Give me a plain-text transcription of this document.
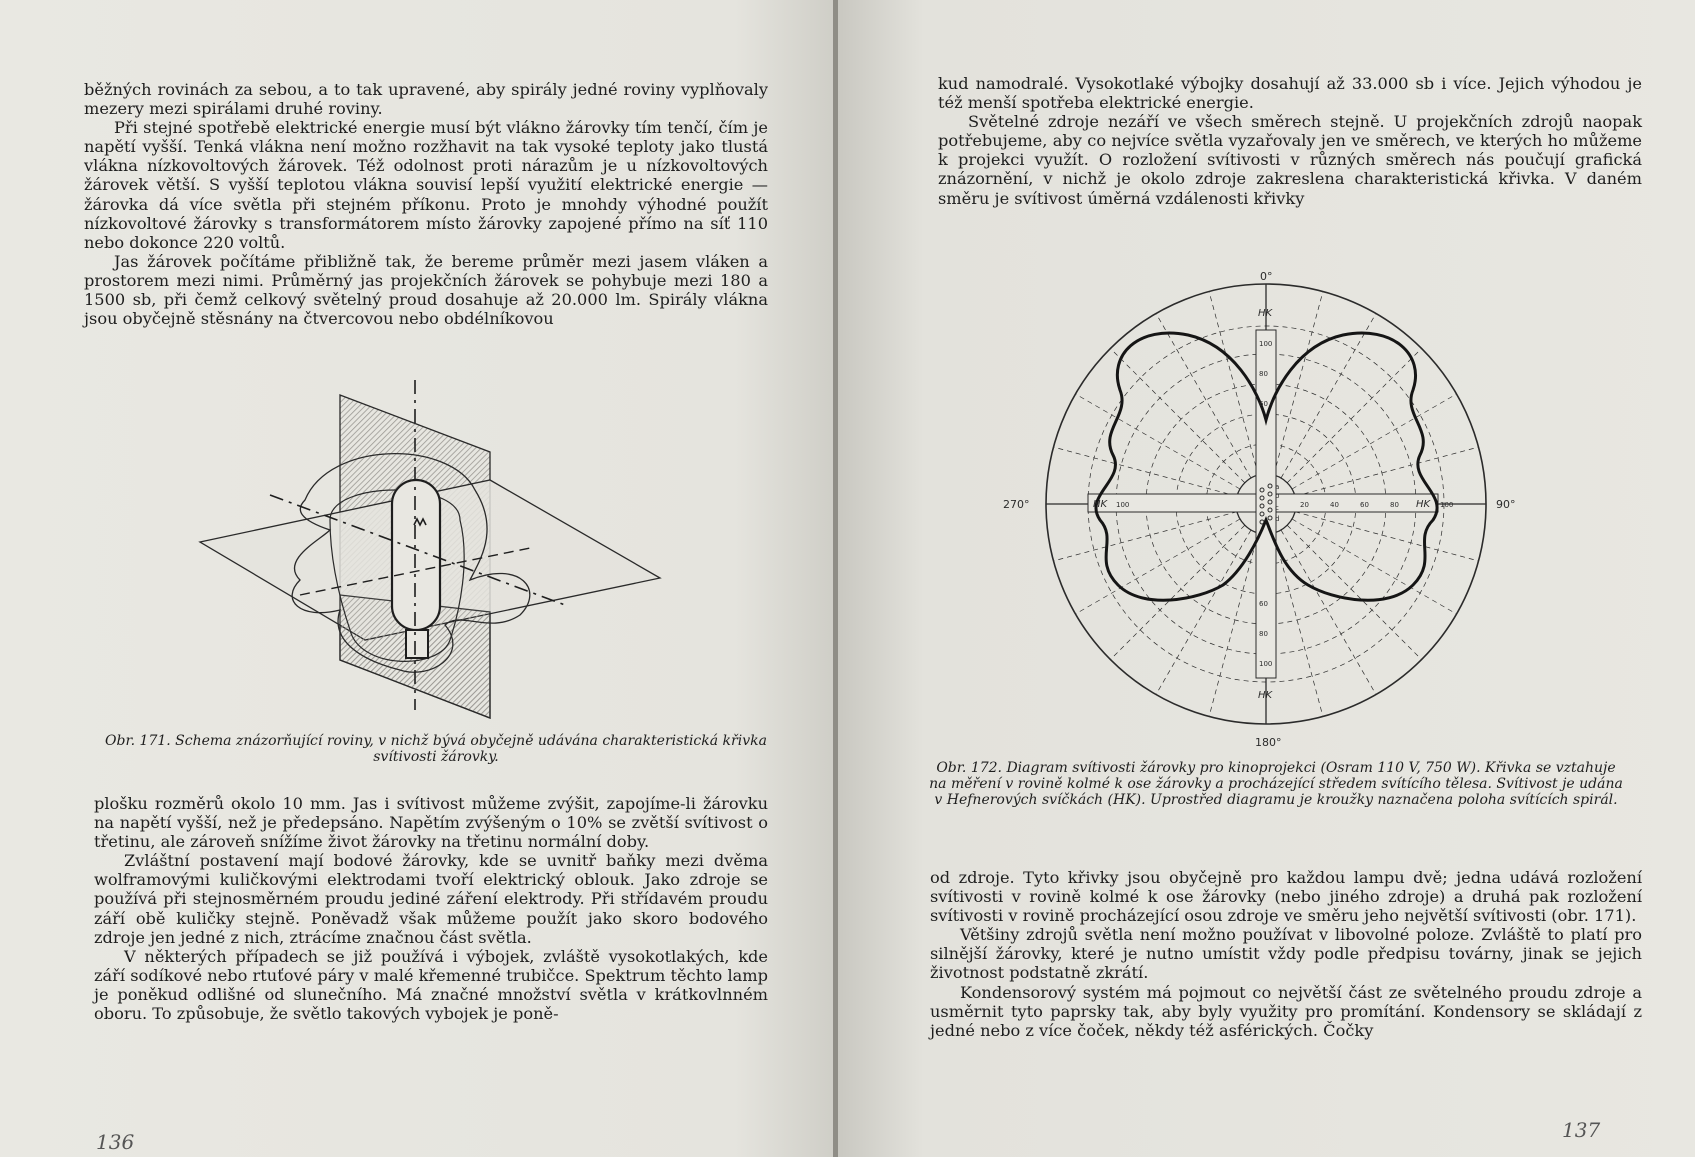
běžných rovinách za sebou, a to tak upravené, aby spirály jedné roviny vyplňovaly mezery mezi spirálami druhé roviny.

Při stejné spotřebě elektrické energie musí být vlákno žárovky tím tenčí, čím je napětí vyšší. Tenká vlákna není možno rozžhavit na tak vysoké teploty jako tlustá vlákna nízkovoltových žárovek. Též odolnost proti nárazům je u nízkovoltových žárovek větší. S vyšší teplotou vlákna souvisí lepší využití elektrické energie — žárovka dá více světla při stejném příkonu. Proto je mnohdy výhodné použít nízkovoltové žárovky s transformátorem místo žárovky zapojené přímo na síť 110 nebo dokonce 220 voltů.

Jas žárovek počítáme přibližně tak, že bereme průměr mezi jasem vláken a prostorem mezi nimi. Průměrný jas projekčních žárovek se pohybuje mezi 180 a 1500 sb, při čemž celkový světelný proud dosahuje až 20.000 lm. Spirály vlákna jsou obyčejně stěsnány na čtvercovou nebo obdélníkovou

Obr. 171. Schema znázorňující roviny, v nichž bývá obyčejně udávána charakteristická křivka svítivosti žárovky.

plošku rozměrů okolo 10 mm. Jas i svítivost můžeme zvýšit, zapojíme-li žárovku na napětí vyšší, než je předepsáno. Napětím zvýšeným o 10% se zvětší svítivost o třetinu, ale zároveň snížíme život žárovky na třetinu normální doby.

Zvláštní postavení mají bodové žárovky, kde se uvnitř baňky mezi dvěma wolframovými kuličkovými elektrodami tvoří elektrický oblouk. Jako zdroje se používá při stejnosměrném proudu jediné záření elektrody. Při střídavém proudu září obě kuličky stejně. Poněvadž však můžeme použít jako skoro bodového zdroje jen jedné z nich, ztrácíme značnou část světla.

V některých případech se již používá i výbojek, zvláště vysokotlakých, kde září sodíkové nebo rtuťové páry v malé křemenné trubičce. Spektrum těchto lamp je poněkud odlišné od slunečního. Má značné množství světla v krátkovlnném oboru. To způsobuje, že světlo takových vybojek je poně-

136

kud namodralé. Vysokotlaké výbojky dosahují až 33.000 sb i více. Jejich výhodou je též menší spotřeba elektrické energie.

Světelné zdroje nezáří ve všech směrech stejně. U projekčních zdrojů naopak potřebujeme, aby co nejvíce světla vyzařovaly jen ve směrech, ve kterých ho můžeme k projekci využít. O rozložení svítivosti v různých směrech nás poučují grafická znázornění, v nichž je okolo zdroje zakreslena charakteristická křivka. V daném směru je svítivost úměrná vzdálenosti křivky

0°
180°
270°	90°
HK
HK
HK	HK
100
80
60
60
80
100
100	20	40	60	80	100
a
b
c
d
Obr. 172. Diagram svítivosti žárovky pro kinoprojekci (Osram 110 V, 750 W). Křivka se vztahuje na měření v rovině kolmé k ose žárovky a procházející středem svítícího tělesa. Svítivost je udána v Hefnerových svíčkách (HK). Uprostřed diagramu je kroužky naznačena poloha svítících spirál.

od zdroje. Tyto křivky jsou obyčejně pro každou lampu dvě; jedna udává rozložení svítivosti v rovině kolmé k ose žárovky (nebo jiného zdroje) a druhá pak rozložení svítivosti v rovině procházející osou zdroje ve směru jeho největší svítivosti (obr. 171).

Většiny zdrojů světla není možno používat v libovolné poloze. Zvláště to platí pro silnější žárovky, které je nutno umístit vždy podle předpisu továrny, jinak se jejich životnost podstatně zkrátí.

Kondensorový systém má pojmout co největší část ze světelného proudu zdroje a usměrnit tyto paprsky tak, aby byly využity pro promítání. Kondensory se skládají z jedné nebo z více čoček, někdy též asférických. Čočky

137
